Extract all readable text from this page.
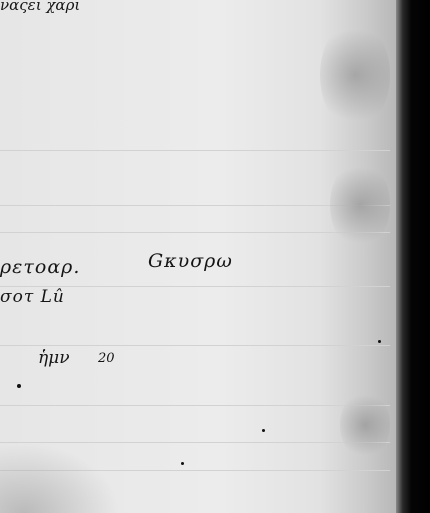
ναςει χαρι
ρετοαρ.	Gκυσρω
σοτ Lû
ἡμν 20
